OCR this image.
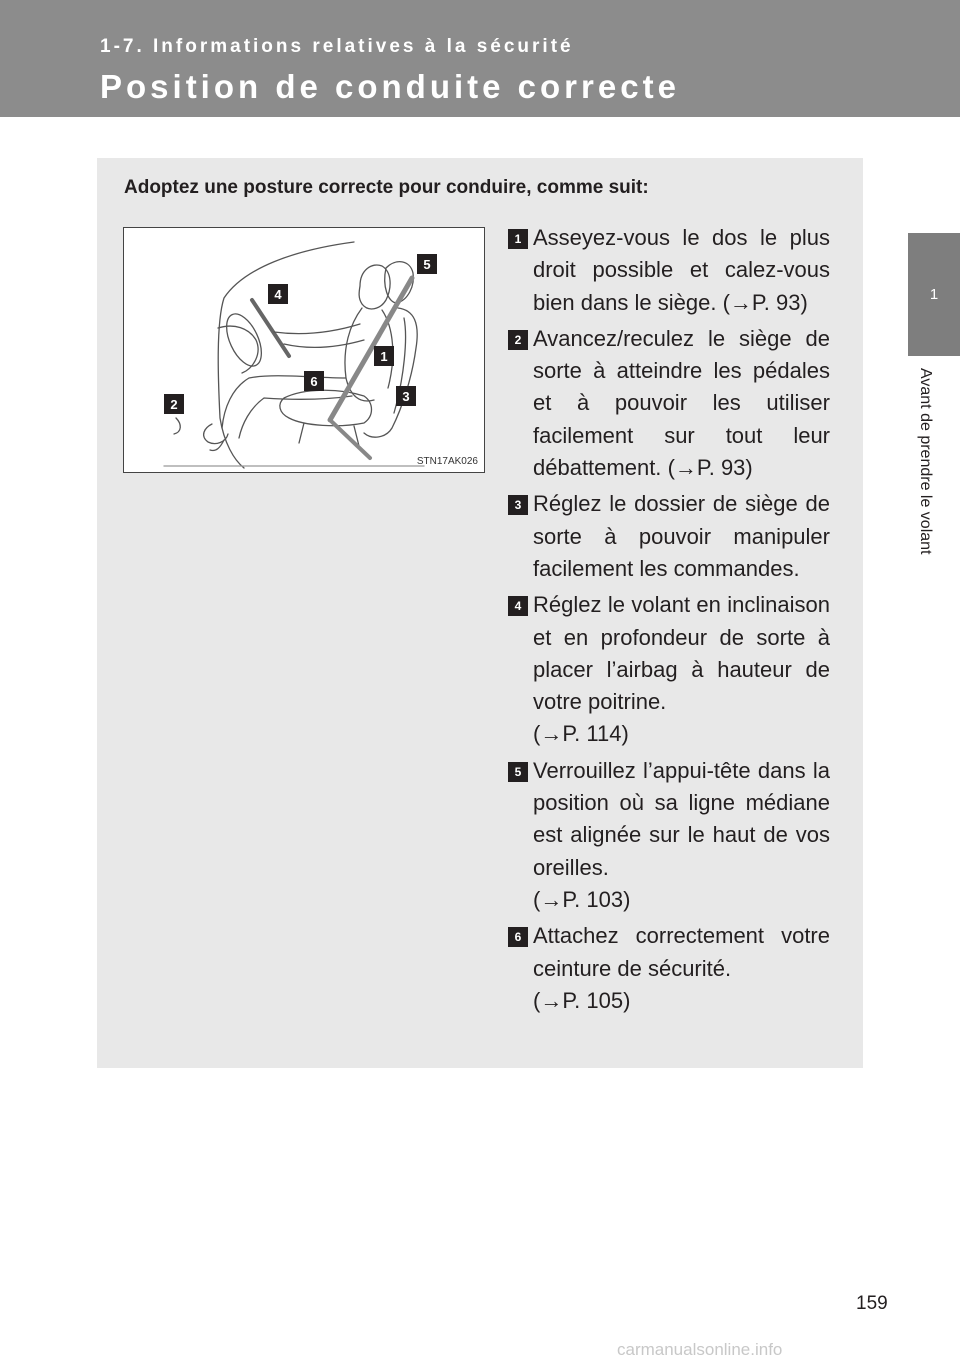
1-7. Informations relatives à la sécurité
Position de conduite correcte
1
Avant de prendre le volant
Adoptez une posture correcte pour conduire, comme suit:
1
2
3
4
5
6
STN17AK026
1 Asseyez-vous le dos le plus droit possible et calez-vous bien dans le siège. (→P. 93)
2 Avancez/reculez le siège de sorte à atteindre les pédales et à pouvoir les utiliser facilement sur tout leur débattement. (→P. 93)
3 Réglez le dossier de siège de sorte à pouvoir manipuler facilement les commandes.
4 Réglez le volant en inclinaison et en profondeur de sorte à placer l’airbag à hauteur de votre poitrine.
(→P. 114)
5 Verrouillez l’appui-tête dans la position où sa ligne médiane est alignée sur le haut de vos oreilles.
(→P. 103)
6 Attachez correctement votre ceinture de sécurité.
(→P. 105)
159
carmanualsonline.info
